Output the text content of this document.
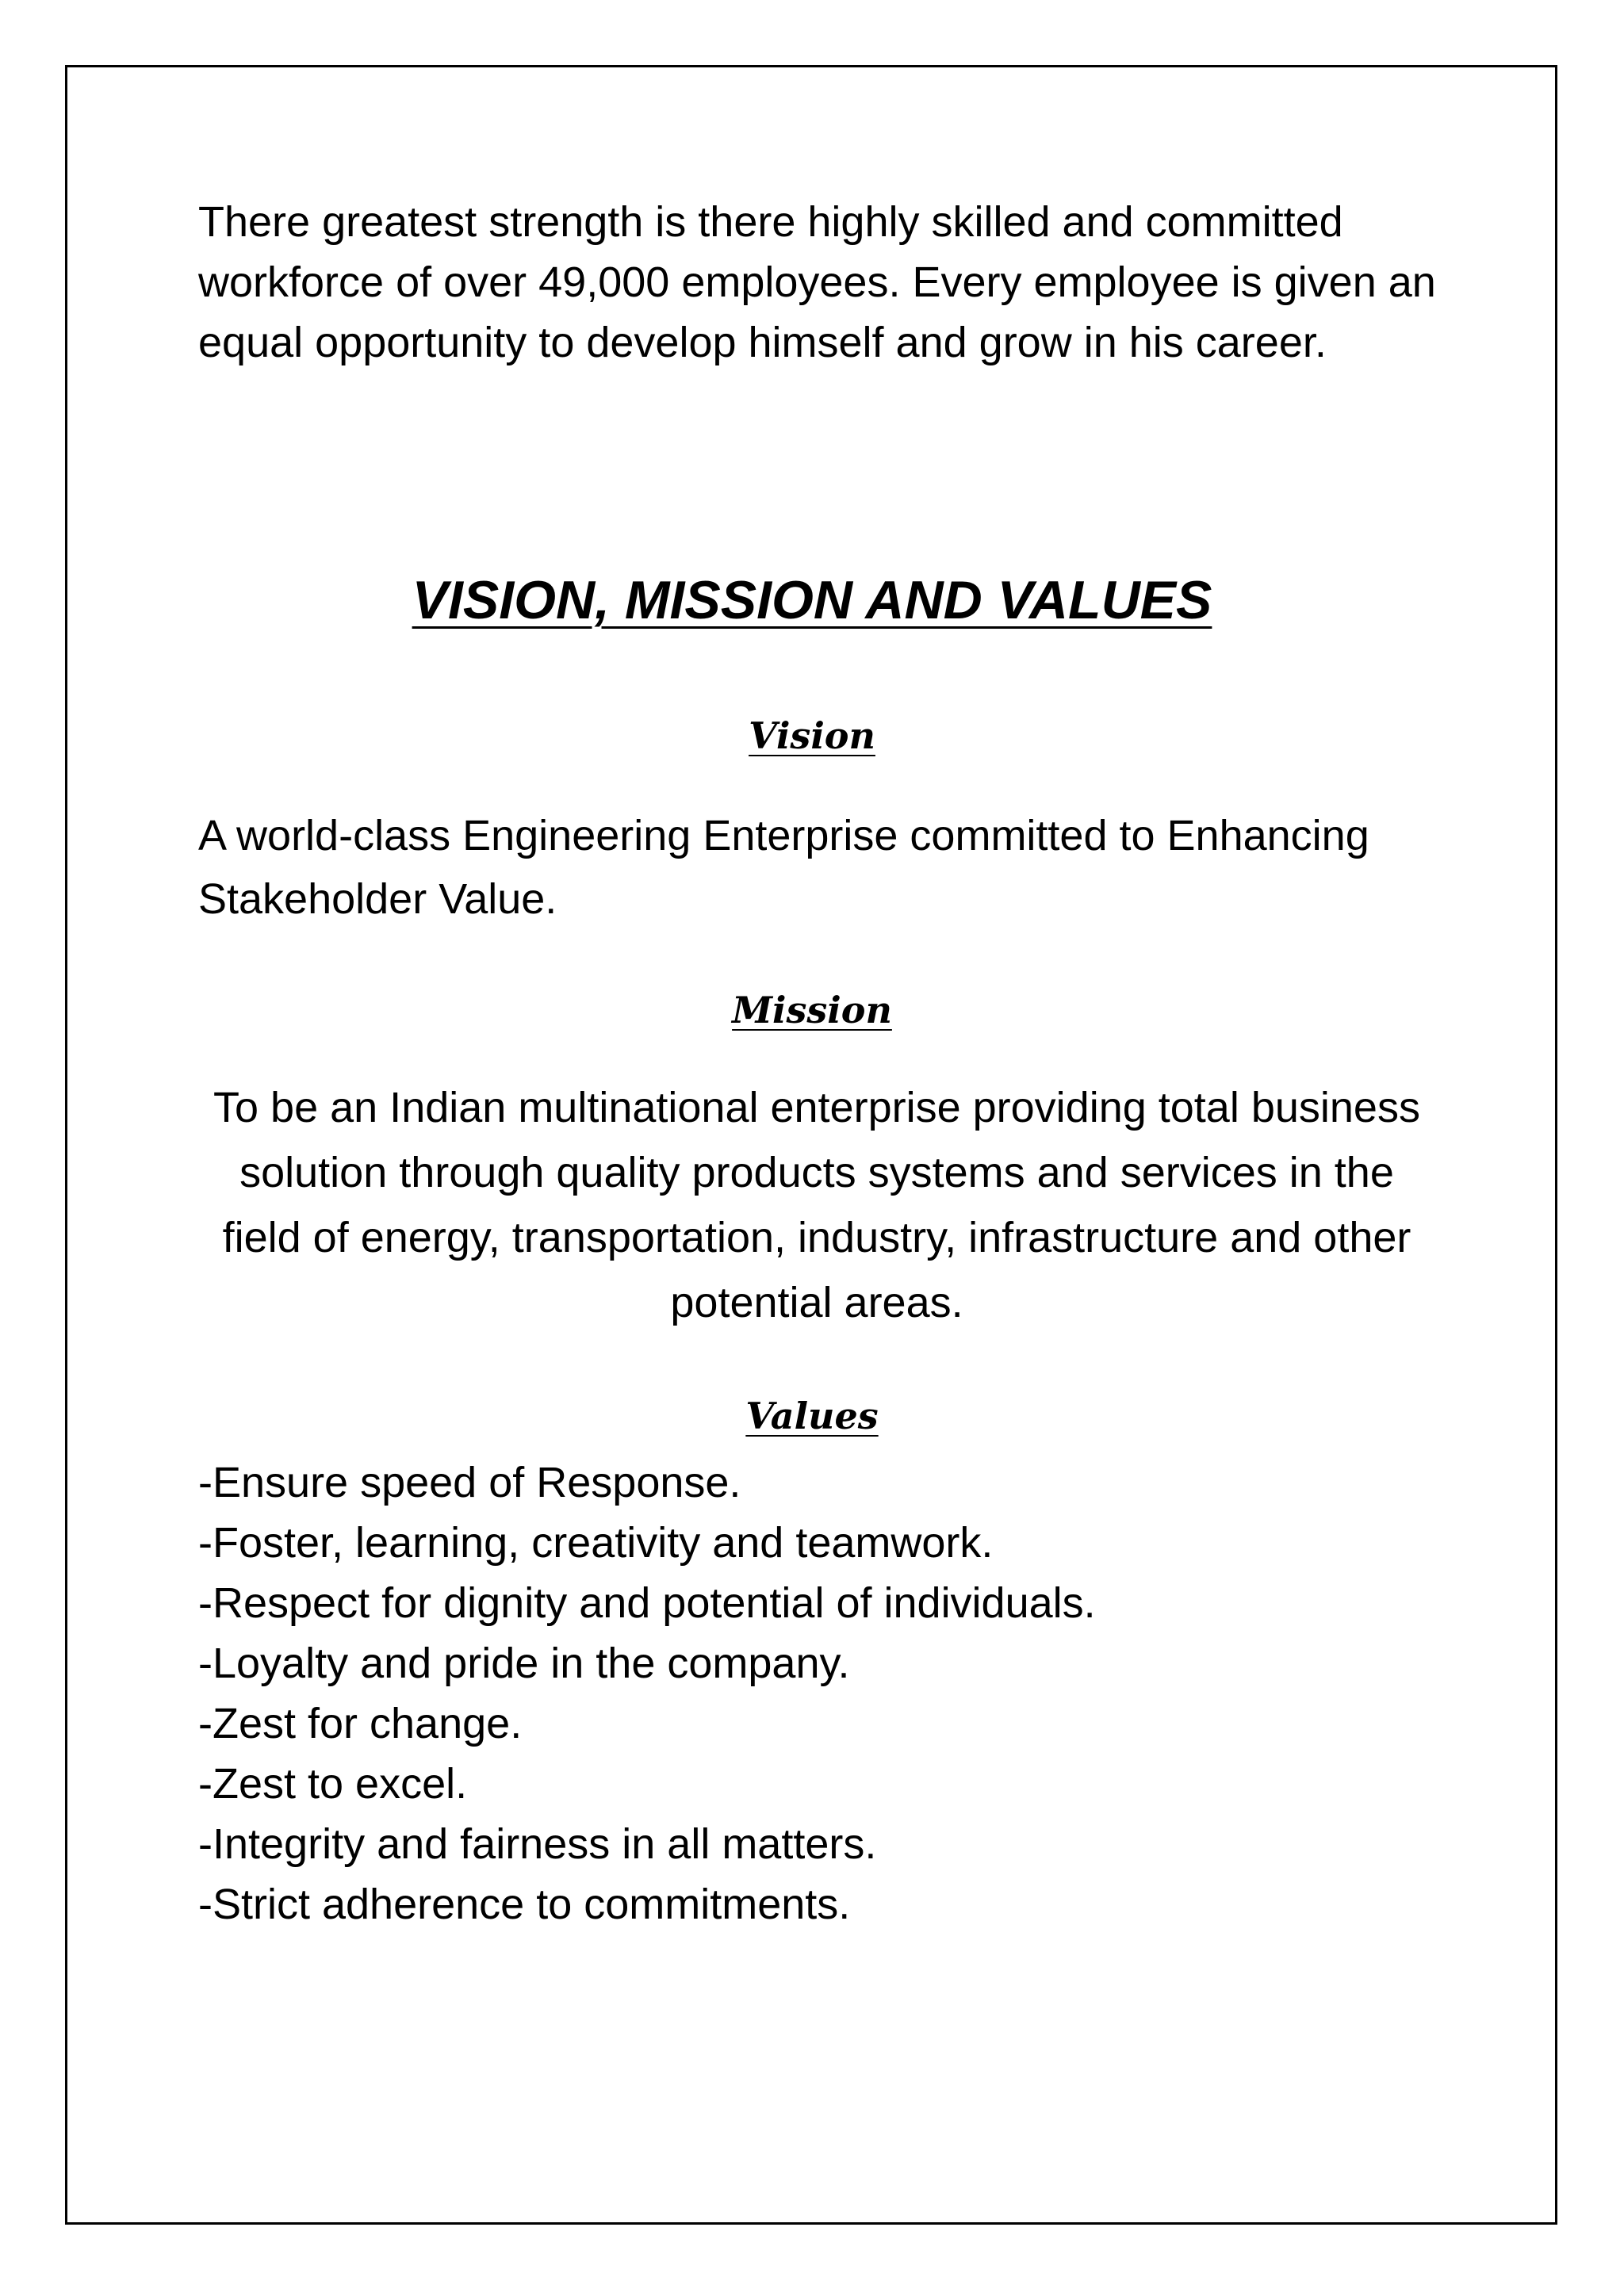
There greatest strength is there highly skilled and committed workforce of over 49,000 employees. Every employee is given an equal opportunity to develop himself and grow in his career.

VISION, MISSION AND VALUES
Vision

A world-class Engineering Enterprise committed to Enhancing Stakeholder Value.

Mission

To be an Indian multinational enterprise providing total business solution through quality products systems and services in the field of energy, transportation, industry, infrastructure and other potential areas.

Values
-Ensure speed of Response.
-Foster, learning, creativity and teamwork.
-Respect for dignity and potential of individuals.
-Loyalty and pride in the company.
-Zest for change.
-Zest to excel.
-Integrity and fairness in all matters.
-Strict adherence to commitments.
